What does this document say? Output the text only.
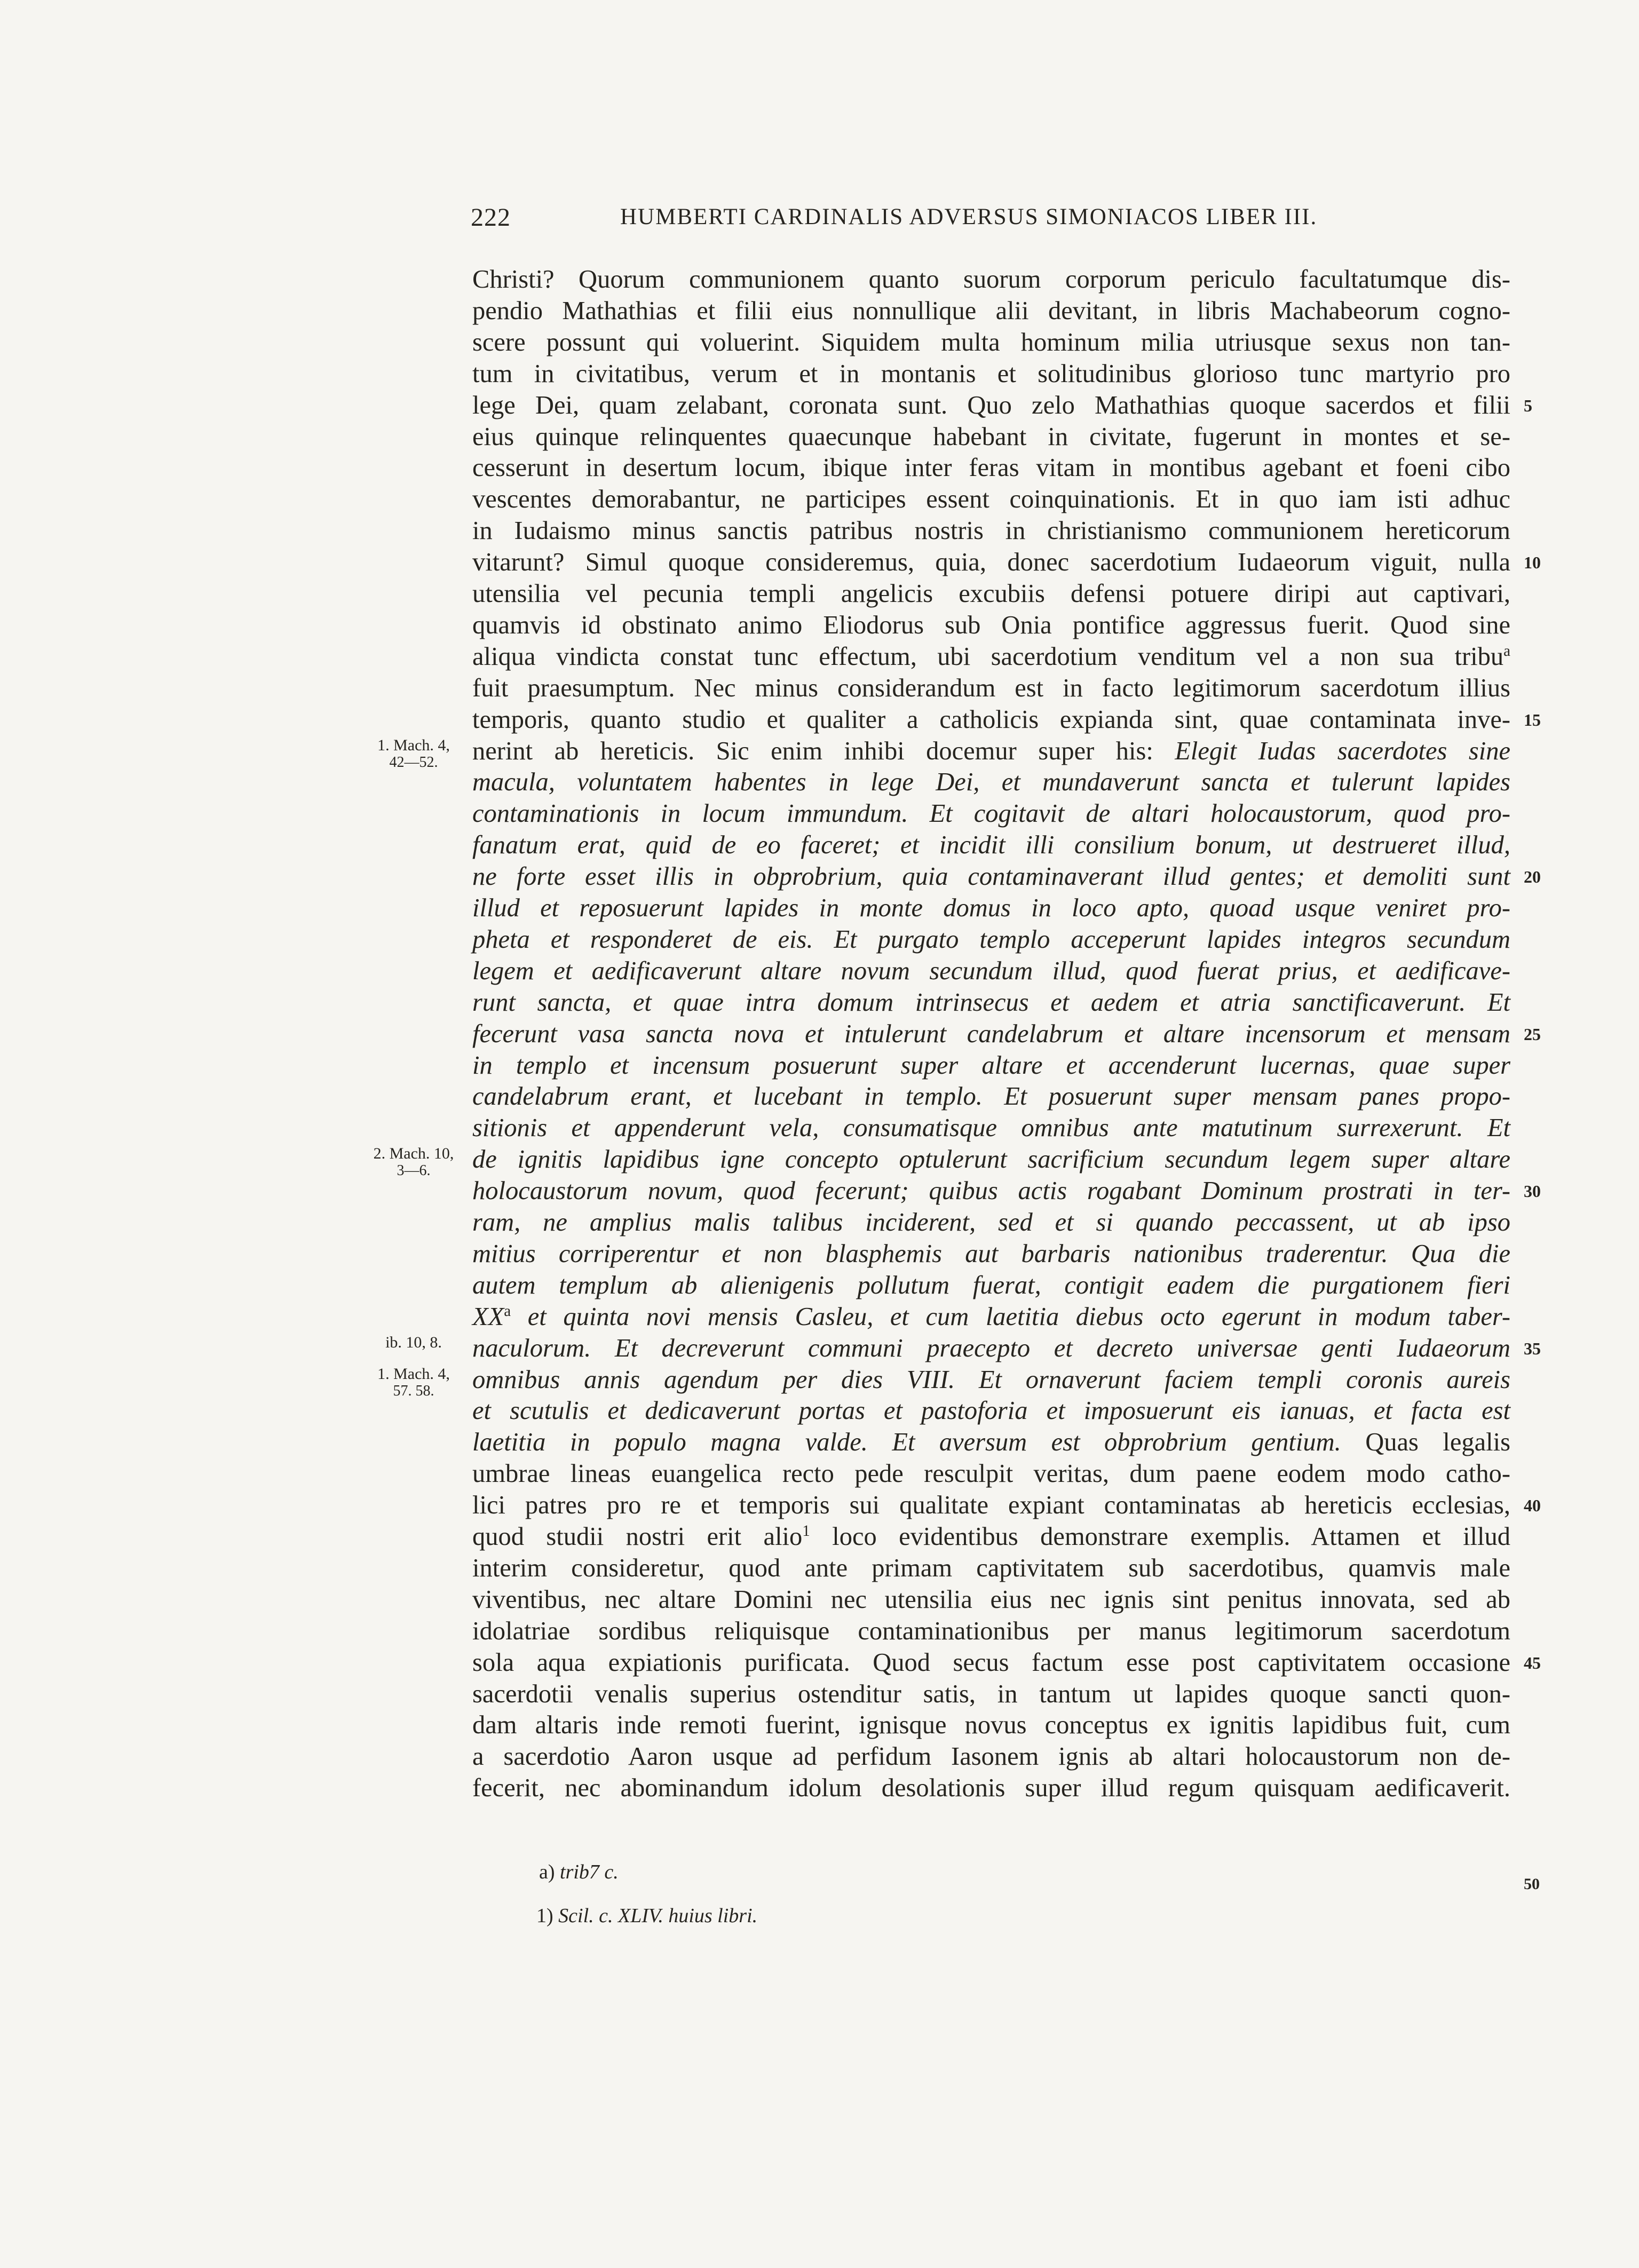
222	HUMBERTI CARDINALIS ADVERSUS SIMONIACOS LIBER III.
Christi? Quorum communionem quanto suorum corporum periculo facultatumque dis-
pendio Mathathias et filii eius nonnullique alii devitant, in libris Machabeorum cogno-
scere possunt qui voluerint. Siquidem multa hominum milia utriusque sexus non tan-
tum in civitatibus, verum et in montanis et solitudinibus glorioso tunc martyrio pro
lege Dei, quam zelabant, coronata sunt. Quo zelo Mathathias quoque sacerdos et filii
eius quinque relinquentes quaecunque habebant in civitate, fugerunt in montes et se-
cesserunt in desertum locum, ibique inter feras vitam in montibus agebant et foeni cibo
vescentes demorabantur, ne participes essent coinquinationis. Et in quo iam isti adhuc
in Iudaismo minus sanctis patribus nostris in christianismo communionem hereticorum
vitarunt? Simul quoque consideremus, quia, donec sacerdotium Iudaeorum viguit, nulla
utensilia vel pecunia templi angelicis excubiis defensi potuere diripi aut captivari,
quamvis id obstinato animo Eliodorus sub Onia pontifice aggressus fuerit. Quod sine
aliqua vindicta constat tunc effectum, ubi sacerdotium venditum vel a non sua tribu$^a$
fuit praesumptum. Nec minus considerandum est in facto legitimorum sacerdotum illius
temporis, quanto studio et qualiter a catholicis expianda sint, quae contaminata inve-
nerint ab hereticis. Sic enim inhibi docemur super his: Elegit Iudas sacerdotes sine
macula, voluntatem habentes in lege Dei, et mundaverunt sancta et tulerunt lapides
contaminationis in locum immundum. Et cogitavit de altari holocaustorum, quod pro-
fanatum erat, quid de eo faceret; et incidit illi consilium bonum, ut destrueret illud,
ne forte esset illis in obprobrium, quia contaminaverant illud gentes; et demoliti sunt
illud et reposuerunt lapides in monte domus in loco apto, quoad usque veniret pro-
pheta et responderet de eis. Et purgato templo acceperunt lapides integros secundum
legem et aedificaverunt altare novum secundum illud, quod fuerat prius, et aedificave-
runt sancta, et quae intra domum intrinsecus et aedem et atria sanctificaverunt. Et
fecerunt vasa sancta nova et intulerunt candelabrum et altare incensorum et mensam
in templo et incensum posuerunt super altare et accenderunt lucernas, quae super
candelabrum erant, et lucebant in templo. Et posuerunt super mensam panes propo-
sitionis et appenderunt vela, consumatisque omnibus ante matutinum surrexerunt. Et
de ignitis lapidibus igne concepto optulerunt sacrificium secundum legem super altare
holocaustorum novum, quod fecerunt; quibus actis rogabant Dominum prostrati in ter-
ram, ne amplius malis talibus inciderent, sed et si quando peccassent, ut ab ipso
mitius corriperentur et non blasphemis aut barbaris nationibus traderentur. Qua die
autem templum ab alienigenis pollutum fuerat, contigit eadem die purgationem fieri
$XX^a$ et quinta novi mensis Casleu, et cum laetitia diebus octo egerunt in modum taber-
naculorum. Et decreverunt communi praecepto et decreto universae genti Iudaeorum
omnibus annis agendum per dies VIII. Et ornaverunt faciem templi coronis aureis
et scutulis et dedicaverunt portas et pastoforia et imposuerunt eis ianuas, et facta est
laetitia in populo magna valde. Et aversum est obprobrium gentium. Quas legalis
umbrae lineas euangelica recto pede resculpit veritas, dum paene eodem modo catho-
lici patres pro re et temporis sui qualitate expiant contaminatas ab hereticis ecclesias,
quod studii nostri erit alio$^1$ loco evidentibus demonstrare exemplis. Attamen et illud
interim consideretur, quod ante primam captivitatem sub sacerdotibus, quamvis male
viventibus, nec altare Domini nec utensilia eius nec ignis sint penitus innovata, sed ab
idolatriae sordibus reliquisque contaminationibus per manus legitimorum sacerdotum
sola aqua expiationis purificata. Quod secus factum esse post captivitatem occasione
sacerdotii venalis superius ostenditur satis, in tantum ut lapides quoque sancti quon-
dam altaris inde remoti fuerint, ignisque novus conceptus ex ignitis lapidibus fuit, cum
a sacerdotio Aaron usque ad perfidum Iasonem ignis ab altari holocaustorum non de-
fecerit, nec abominandum idolum desolationis super illud regum quisquam aedificaverit.
5
10
15
20
25
30
35
40
45
1. Mach. 4,
42—52.
2. Mach. 10,
3—6.
ib. 10, 8.
1. Mach. 4,
57. 58.
a) trib7 c.
50
1) Scil. c. XLIV. huius libri.
